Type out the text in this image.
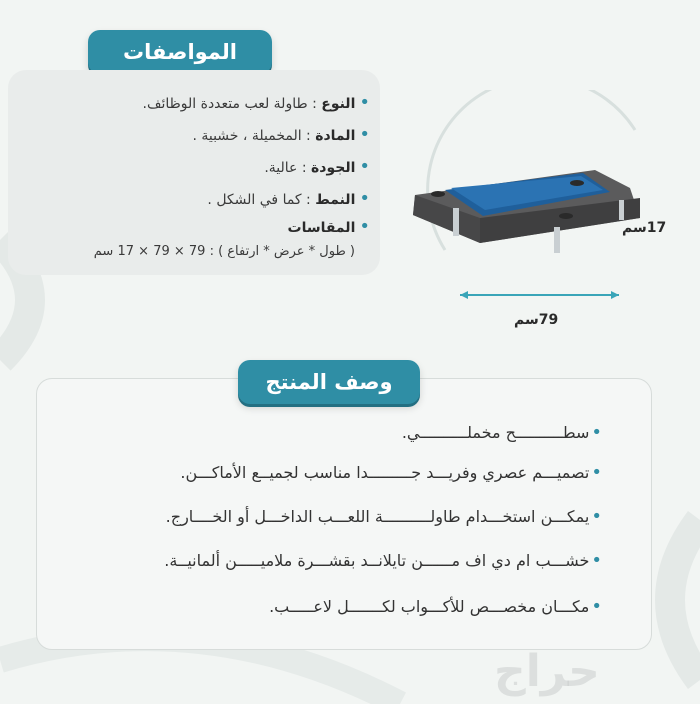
المواصفات
•النوع : طاولة لعب متعددة الوظائف.
•المادة : المخميلة ، خشبية .
•الجودة : عالية.
•النمط : كما في الشكل .
•المقاسات
( طول * عرض * ارتفاع ) : 79 × 79 × 17 سم
17سم
79سم
وصف المنتج
•سطــــــــــح مخملــــــــــي.
•تصميـــم عصري وفريـــد جـــــــــدا مناسب لجميــع الأماكـــن.
•يمكـــن استخـــدام طاولــــــــــة اللعـــب الداخـــل أو الخــــارج.
•خشـــب ام دي اف مــــــن تايلانــد بقشـــرة ملاميـــــن ألمانيــة.
•مكـــان مخصـــص للأكـــواب لكـــــــل لاعـــــب.
حراج
